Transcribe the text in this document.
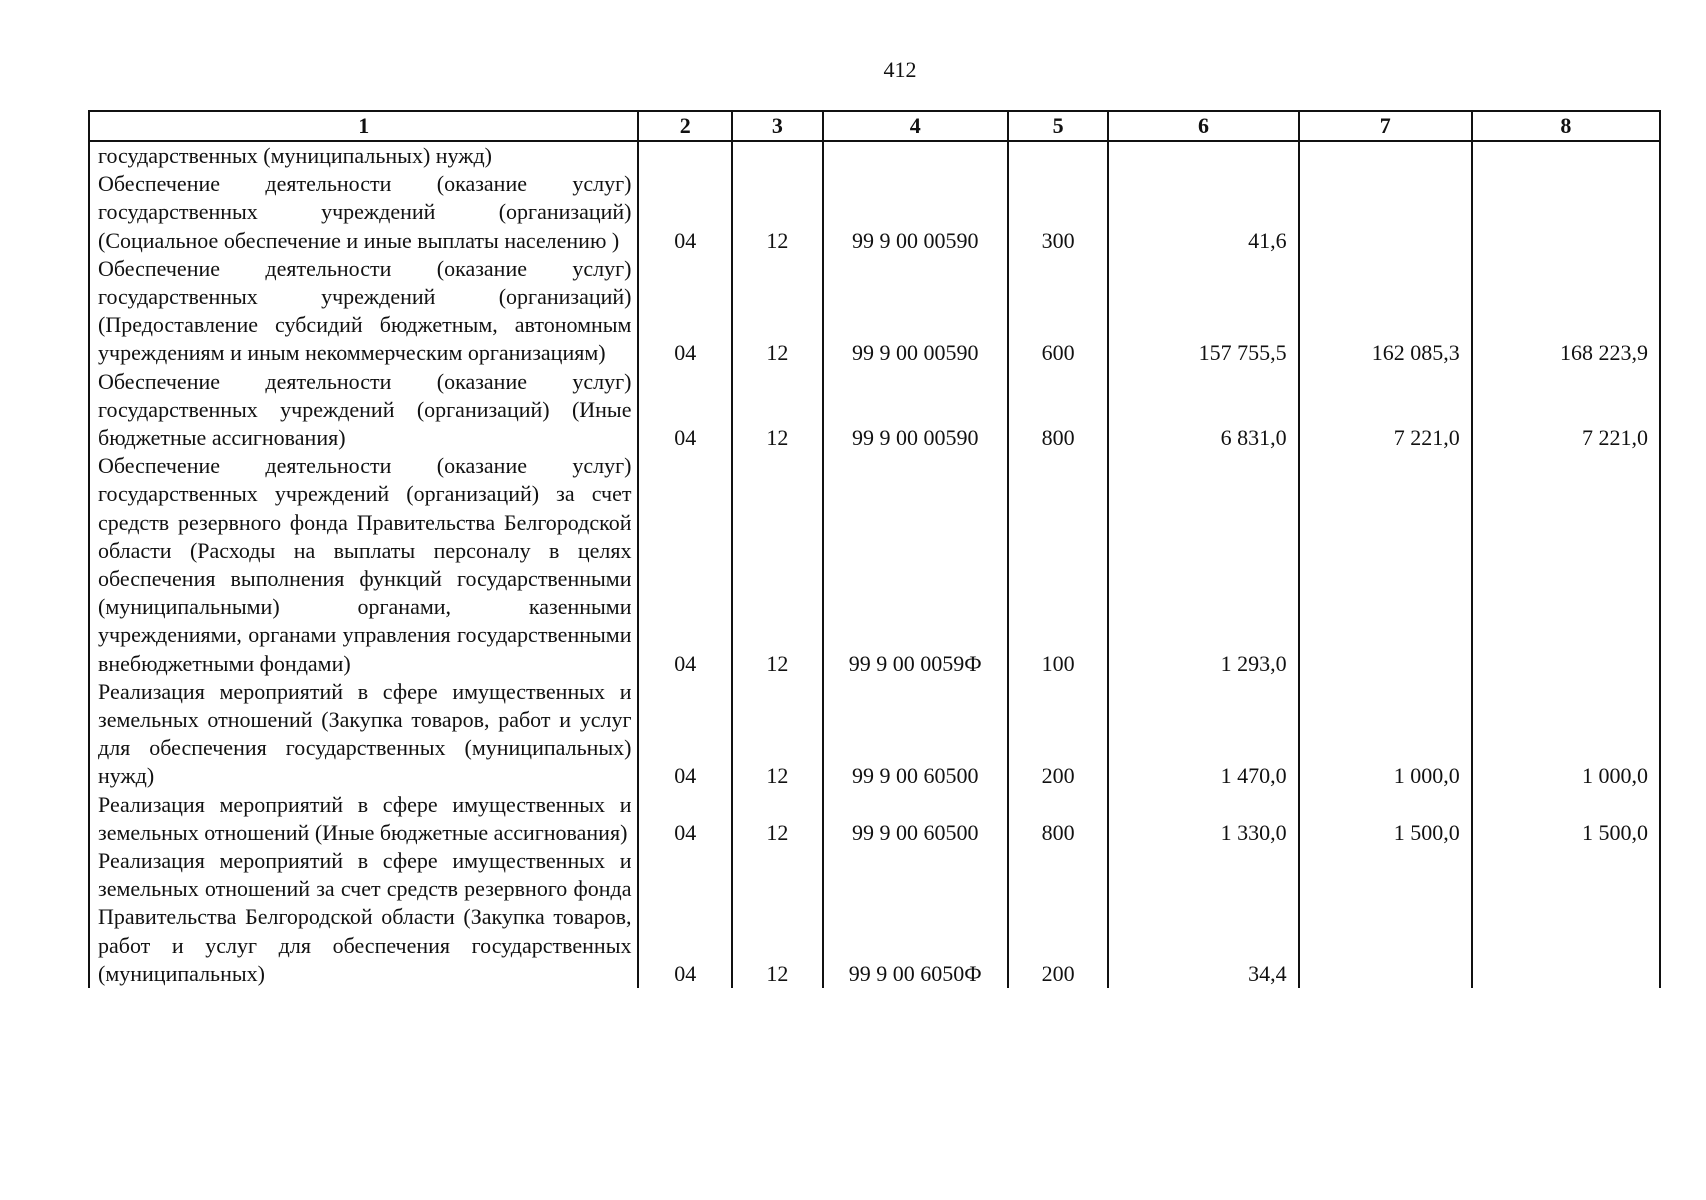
412
1	2	3	4	5	6	7	8
государственных (муниципальных) нужд)							
Обеспечение деятельности (оказание услуг) государственных учреждений (организаций) (Социальное обеспечение и иные выплаты населению )	04	12	99 9 00 00590	300	41,6		
Обеспечение деятельности (оказание услуг) государственных учреждений (организаций) (Предоставление субсидий бюджетным, автономным учреждениям и иным некоммерческим организациям)	04	12	99 9 00 00590	600	157 755,5	162 085,3	168 223,9
Обеспечение деятельности (оказание услуг) государственных учреждений (организаций) (Иные бюджетные ассигнования)	04	12	99 9 00 00590	800	6 831,0	7 221,0	7 221,0
Обеспечение деятельности (оказание услуг) государственных учреждений (организаций) за счет средств резервного фонда Правительства Белгородской области (Расходы на выплаты персоналу в целях обеспечения выполнения функций государственными (муниципальными) органами, казенными учреждениями, органами управления государственными внебюджетными фондами)	04	12	99 9 00 0059Ф	100	1 293,0		
Реализация мероприятий в сфере имущественных и земельных отношений (Закупка товаров, работ и услуг для обеспечения государственных (муниципальных) нужд)	04	12	99 9 00 60500	200	1 470,0	1 000,0	1 000,0
Реализация мероприятий в сфере имущественных и земельных отношений (Иные бюджетные ассигнования)	04	12	99 9 00 60500	800	1 330,0	1 500,0	1 500,0
Реализация мероприятий в сфере имущественных и земельных отношений за счет средств резервного фонда Правительства Белгородской области (Закупка товаров, работ и услуг для обеспечения государственных (муниципальных)	04	12	99 9 00 6050Ф	200	34,4		
